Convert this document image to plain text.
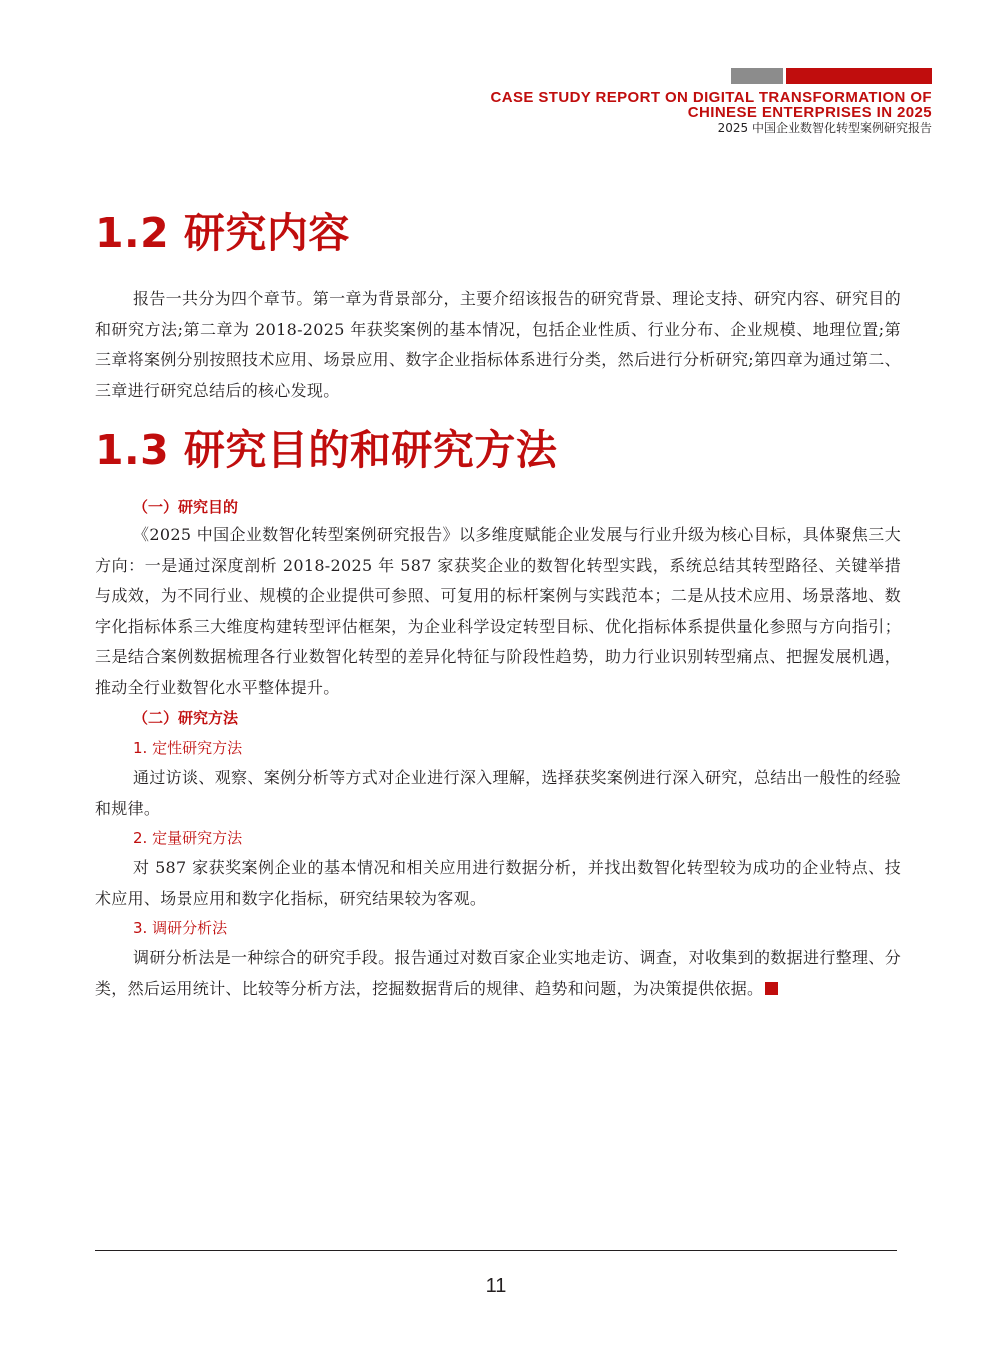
CASE STUDY REPORT ON DIGITAL TRANSFORMATION OF
CHINESE ENTERPRISES IN 2025
2025 中国企业数智化转型案例研究报告
1.2 研究内容
报告一共分为四个章节。第一章为背景部分，主要介绍该报告的研究背景、理论支持、研究内容、研究目的和研究方法;第二章为 2018-2025 年获奖案例的基本情况，包括企业性质、行业分布、企业规模、地理位置;第三章将案例分别按照技术应用、场景应用、数字企业指标体系进行分类，然后进行分析研究;第四章为通过第二、三章进行研究总结后的核心发现。
1.3 研究目的和研究方法
（一）研究目的
《2025 中国企业数智化转型案例研究报告》以多维度赋能企业发展与行业升级为核心目标，具体聚焦三大方向：一是通过深度剖析 2018-2025 年 587 家获奖企业的数智化转型实践，系统总结其转型路径、关键举措与成效，为不同行业、规模的企业提供可参照、可复用的标杆案例与实践范本；二是从技术应用、场景落地、数字化指标体系三大维度构建转型评估框架，为企业科学设定转型目标、优化指标体系提供量化参照与方向指引；三是结合案例数据梳理各行业数智化转型的差异化特征与阶段性趋势，助力行业识别转型痛点、把握发展机遇，推动全行业数智化水平整体提升。
（二）研究方法
1. 定性研究方法
通过访谈、观察、案例分析等方式对企业进行深入理解，选择获奖案例进行深入研究，总结出一般性的经验和规律。
2. 定量研究方法
对 587 家获奖案例企业的基本情况和相关应用进行数据分析，并找出数智化转型较为成功的企业特点、技术应用、场景应用和数字化指标，研究结果较为客观。
3. 调研分析法
调研分析法是一种综合的研究手段。报告通过对数百家企业实地走访、调查，对收集到的数据进行整理、分类，然后运用统计、比较等分析方法，挖掘数据背后的规律、趋势和问题，为决策提供依据。
11
